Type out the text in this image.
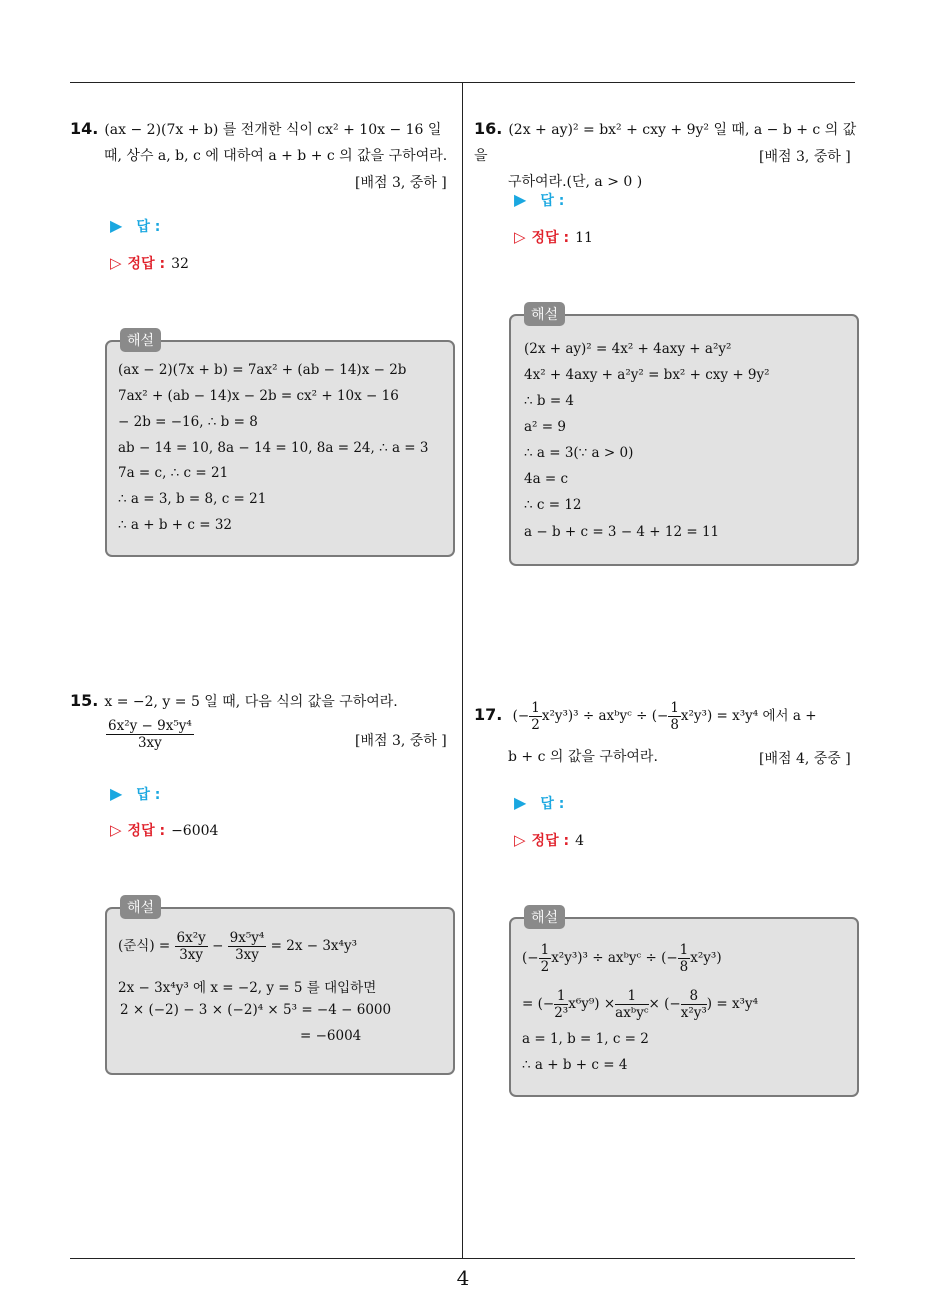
14. (ax − 2)(7x + b) 를 전개한 식이 cx² + 10x − 16 일
때, 상수 a, b, c 에 대하여 a + b + c 의 값을 구하여라.
[배점 3, 중하 ]
▶ 답 :
▷ 정답 : 32
해설
(ax − 2)(7x + b) = 7ax² + (ab − 14)x − 2b
7ax² + (ab − 14)x − 2b = cx² + 10x − 16
− 2b = −16, ∴ b = 8
ab − 14 = 10, 8a − 14 = 10, 8a = 24, ∴ a = 3
7a = c, ∴ c = 21
∴ a = 3, b = 8, c = 21
∴ a + b + c = 32
15. x = −2, y = 5 일 때, 다음 식의 값을 구하여라.
$\frac{\text{6x²y − 9x⁵y⁴}}{3xy}$	[배점 3, 중하 ]
▶ 답 :
▷ 정답 : −6004
해설
(준식) = $\frac{\text{6x²y}}{3xy} - \frac{\text{9x⁵y⁴}}{3xy} = 2x - 3x^4y^3$
2x − 3x⁴y³ 에 x = −2, y = 5 를 대입하면
2 × (−2) − 3 × (−2)⁴ × 5³ = −4 − 6000
= −6004
16. (2x + ay)² = bx² + cxy + 9y² 일 때, a − b + c 의 값을
구하여라.(단, a > 0 )
[배점 3, 중하 ]
▶ 답 :
▷ 정답 : 11
해설
(2x + ay)² = 4x² + 4axy + a²y²
4x² + 4axy + a²y² = bx² + cxy + 9y²
∴ b = 4
a² = 9
∴ a = 3(∵ a > 0)
4a = c
∴ c = 12
a − b + c = 3 − 4 + 12 = 11
17. (− $\frac{1}{2} x^2y^3)^3$ ÷ axᵇyᶜ ÷ (− $\frac{1}{8} x^2y^3) = x^3y^4$ 에서 a +
b + c 의 값을 구하여라.	[배점 4, 중중 ]
▶ 답 :
▷ 정답 : 4
해설
(− $\frac{1}{2} x^2y^3)^3$ ÷ axᵇyᶜ ÷ (− $\frac{1}{8} x^2y^3$)
= (− $\frac{1}{\text{2³}} x^6y^9) \times \frac{1}{\text{axᵇyᶜ}}$ × (− $\frac{8}{\text{x²y³}}$ ) = x³y⁴
a = 1, b = 1, c = 2
∴ a + b + c = 4
4
